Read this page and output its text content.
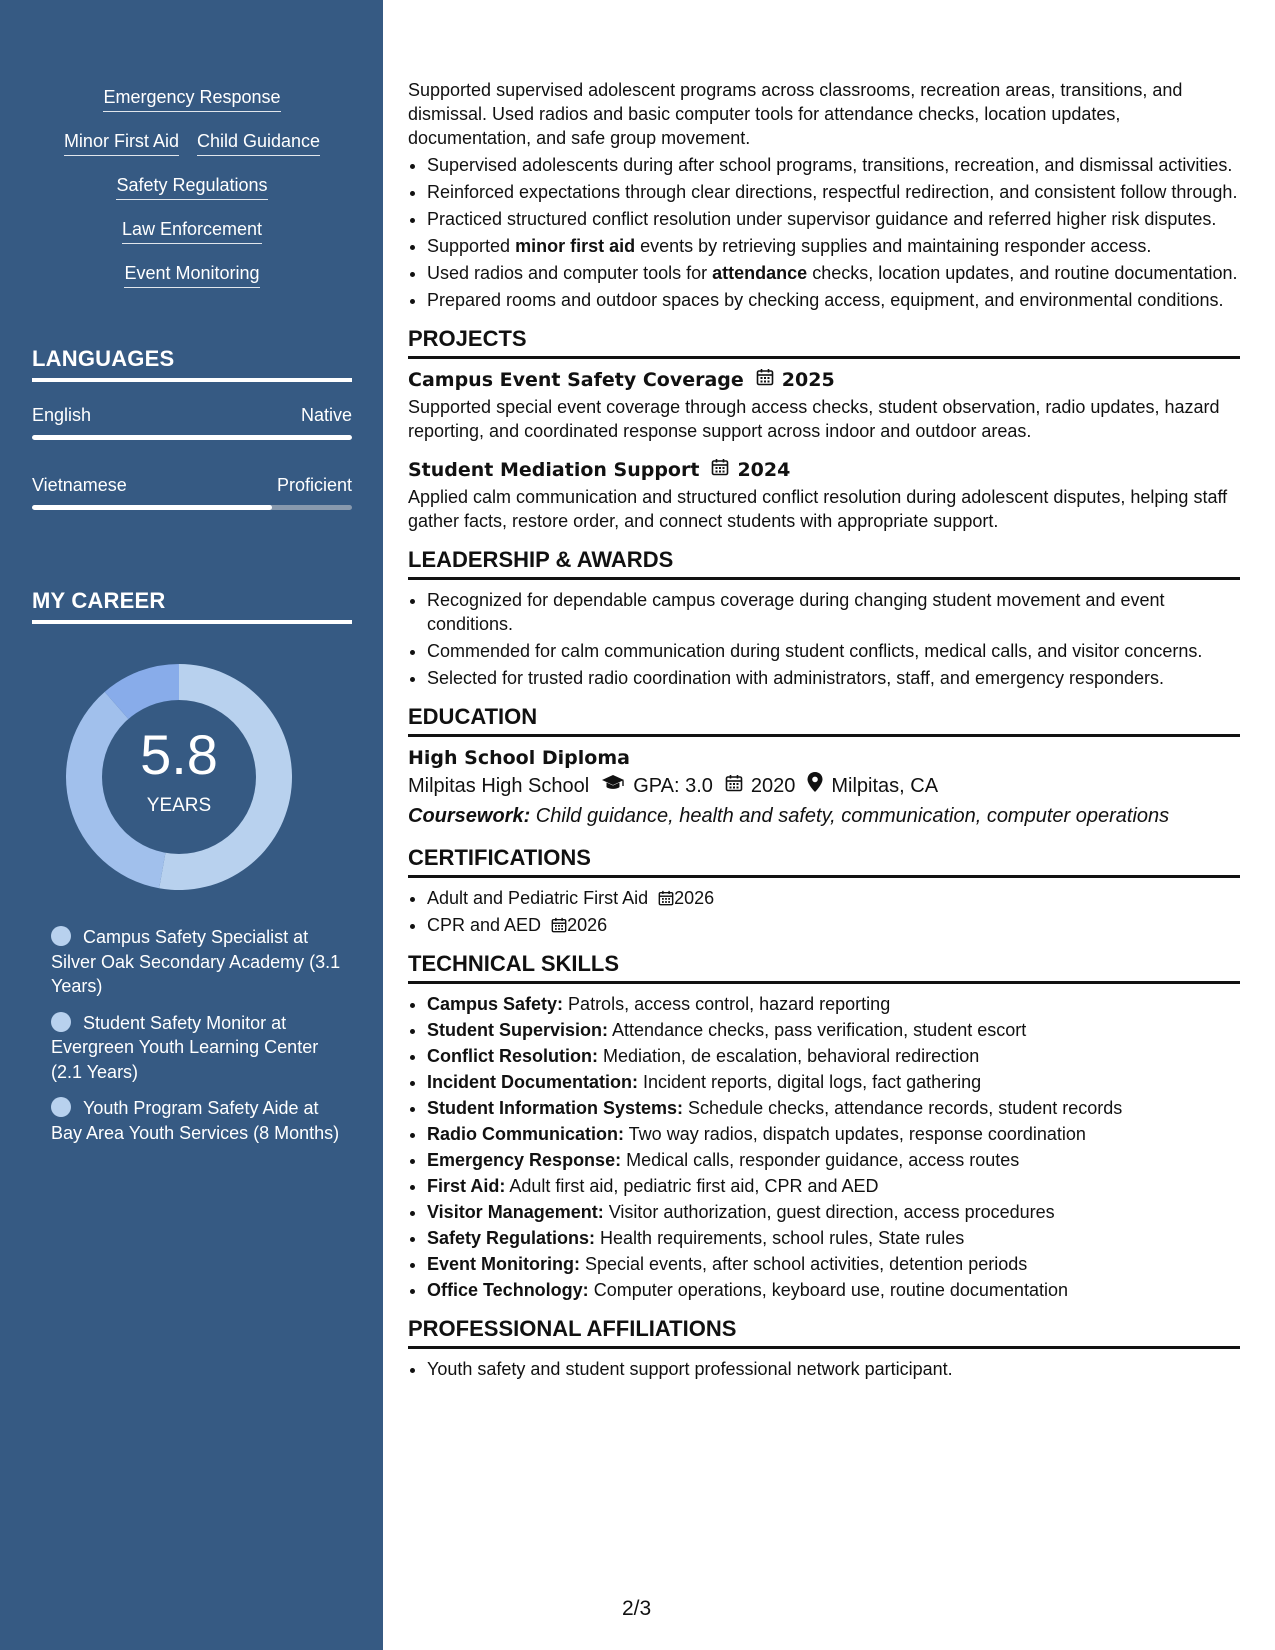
Emergency Response
Minor First Aid Child Guidance
Safety Regulations
Law Enforcement
Event Monitoring
LANGUAGES
English	Native
Vietnamese	Proficient
MY CAREER
5.8
YEARS
Campus Safety Specialist at Silver Oak Secondary Academy (3.1 Years)
Student Safety Monitor at Evergreen Youth Learning Center (2.1 Years)
Youth Program Safety Aide at Bay Area Youth Services (8 Months)

Supported supervised adolescent programs across classrooms, recreation areas, transitions, and dismissal. Used radios and basic computer tools for attendance checks, location updates, documentation, and safe group movement.

• Supervised adolescents during after school programs, transitions, recreation, and dismissal activities.
• Reinforced expectations through clear directions, respectful redirection, and consistent follow through.
• Practiced structured conflict resolution under supervisor guidance and referred higher risk disputes.
• Supported minor first aid events by retrieving supplies and maintaining responder access.
• Used radios and computer tools for attendance checks, location updates, and routine documentation.
• Prepared rooms and outdoor spaces by checking access, equipment, and environmental conditions.
PROJECTS
Campus Event Safety Coverage 2025

Supported special event coverage through access checks, student observation, radio updates, hazard reporting, and coordinated response support across indoor and outdoor areas.

Student Mediation Support 2024

Applied calm communication and structured conflict resolution during adolescent disputes, helping staff gather facts, restore order, and connect students with appropriate support.

LEADERSHIP & AWARDS
• Recognized for dependable campus coverage during changing student movement and event conditions.
• Commended for calm communication during student conflicts, medical calls, and visitor concerns.
• Selected for trusted radio coordination with administrators, staff, and emergency responders.
EDUCATION
High School Diploma
Milpitas High School GPA: 3.0 2020 Milpitas, CA
Coursework: Child guidance, health and safety, communication, computer operations
CERTIFICATIONS
• Adult and Pediatric First Aid 2026
• CPR and AED 2026
TECHNICAL SKILLS
• Campus Safety: Patrols, access control, hazard reporting
• Student Supervision: Attendance checks, pass verification, student escort
• Conflict Resolution: Mediation, de escalation, behavioral redirection
• Incident Documentation: Incident reports, digital logs, fact gathering
• Student Information Systems: Schedule checks, attendance records, student records
• Radio Communication: Two way radios, dispatch updates, response coordination
• Emergency Response: Medical calls, responder guidance, access routes
• First Aid: Adult first aid, pediatric first aid, CPR and AED
• Visitor Management: Visitor authorization, guest direction, access procedures
• Safety Regulations: Health requirements, school rules, State rules
• Event Monitoring: Special events, after school activities, detention periods
• Office Technology: Computer operations, keyboard use, routine documentation
PROFESSIONAL AFFILIATIONS
• Youth safety and student support professional network participant.
2/3
